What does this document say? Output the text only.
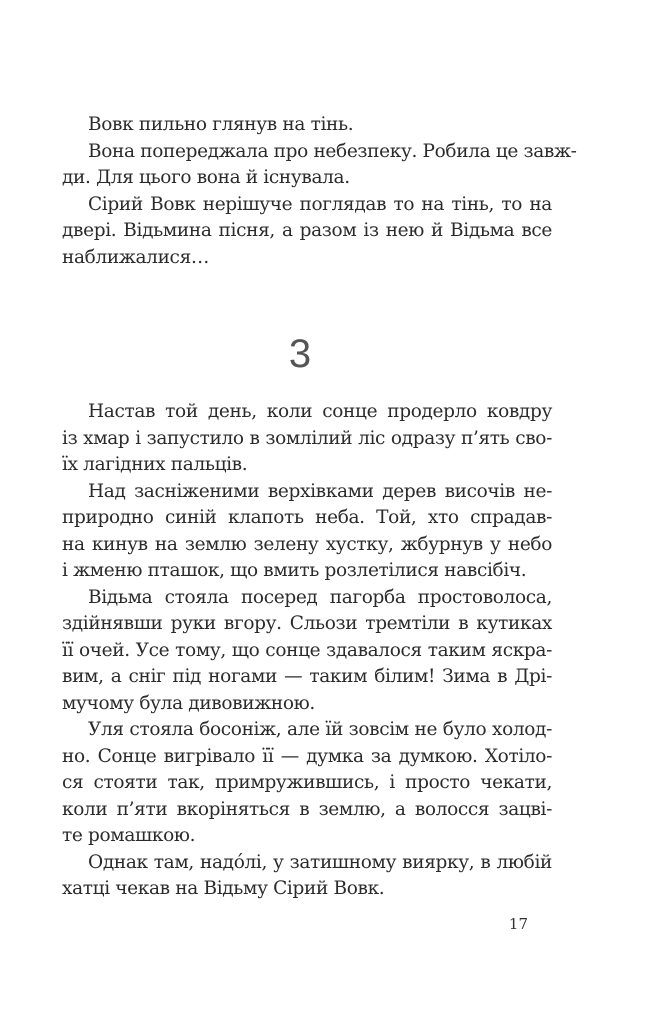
Вовк пильно глянув на тінь.

Вона попереджала про небезпеку. Робила це завж-
ди. Для цього вона й існувала.

Сірий Вовк нерішуче поглядав то на тінь, то на
двері. Відьмина пісня, а разом із нею й Відьма все
наближалися…

3

Настав той день, коли сонце продерло ковдру
із хмар і запустило в зомлілий ліс одразу п’ять сво-
їх лагідних пальців.

Над засніженими верхівками дерев височів не-
природно синій клапоть неба. Той, хто спрадав-
на кинув на землю зелену хустку, жбурнув у небо
і жменю пташок, що вмить розлетілися навсібіч.

Відьма стояла посеред пагорба простоволоса,
здійнявши руки вгору. Сльози тремтіли в кутиках
її очей. Усе тому, що сонце здавалося таким яскра-
вим, а сніг під ногами — таким білим! Зима в Дрі-
мучому була дивовижною.

Уля стояла босоніж, але їй зовсім не було холод-
но. Сонце вигрівало її — думка за думкою. Хотіло-
ся стояти так, примружившись, і просто чекати,
коли п’яти вкоріняться в землю, а волосся зацві-
те ромашкою.

Однак там, надóлі, у затишному виярку, в любій
хатці чекав на Відьму Сірий Вовк.

17
